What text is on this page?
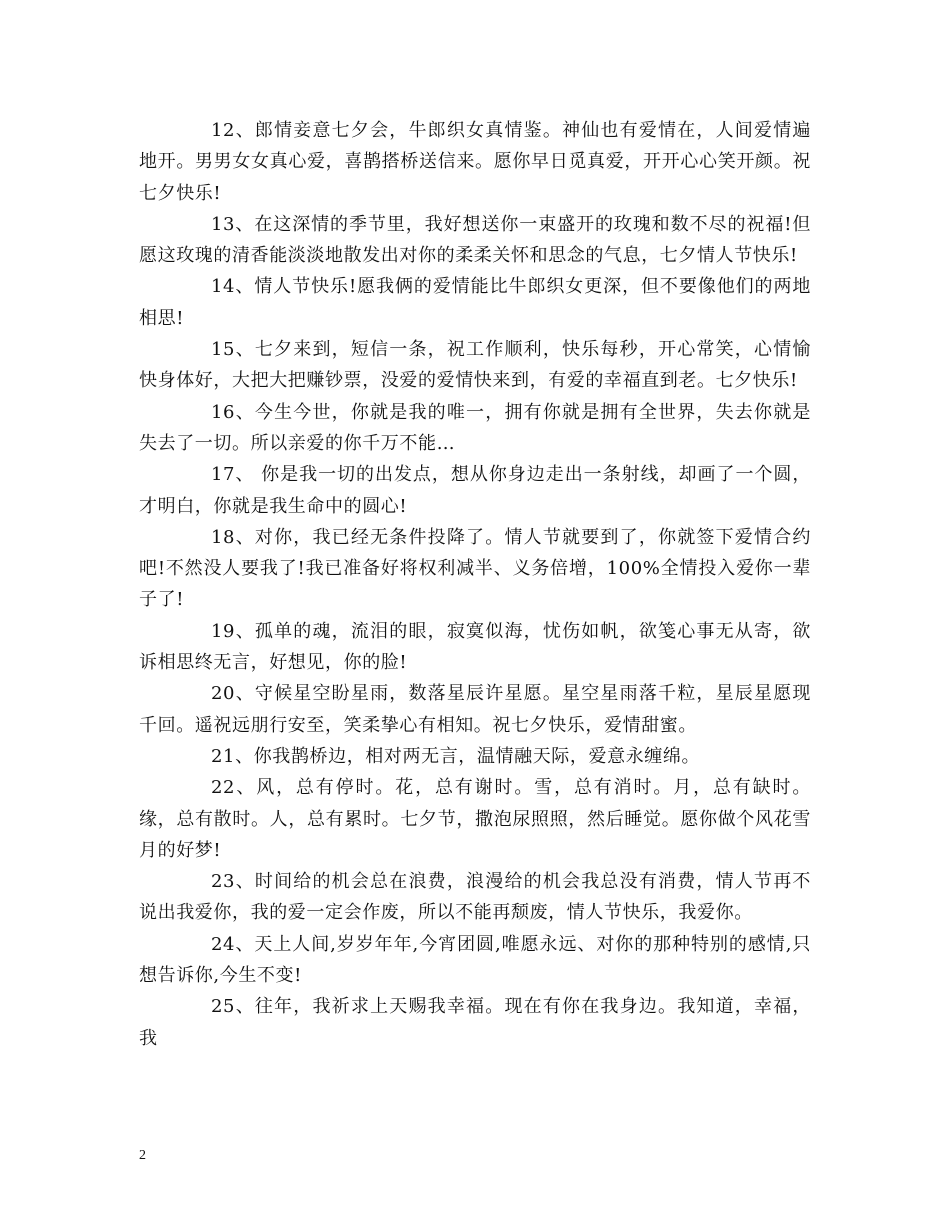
12、郎情妾意七夕会，牛郎织女真情鉴。神仙也有爱情在，人间爱情遍地开。男男女女真心爱，喜鹊搭桥送信来。愿你早日觅真爱，开开心心笑开颜。祝七夕快乐!

13、在这深情的季节里，我好想送你一束盛开的玫瑰和数不尽的祝福!但愿这玫瑰的清香能淡淡地散发出对你的柔柔关怀和思念的气息，七夕情人节快乐!

14、情人节快乐!愿我俩的爱情能比牛郎织女更深，但不要像他们的两地相思!

15、七夕来到，短信一条，祝工作顺利，快乐每秒，开心常笑，心情愉快身体好，大把大把赚钞票，没爱的爱情快来到，有爱的幸福直到老。七夕快乐!

16、今生今世，你就是我的唯一，拥有你就是拥有全世界，失去你就是失去了一切。所以亲爱的你千万不能…

17、 你是我一切的出发点，想从你身边走出一条射线，却画了一个圆，才明白，你就是我生命中的圆心!

18、对你，我已经无条件投降了。情人节就要到了，你就签下爱情合约吧!不然没人要我了!我已准备好将权利减半、义务倍增，100%全情投入爱你一辈子了!

19、孤单的魂，流泪的眼，寂寞似海，忧伤如帆，欲笺心事无从寄，欲诉相思终无言，好想见，你的脸!

20、守候星空盼星雨，数落星辰许星愿。星空星雨落千粒，星辰星愿现千回。遥祝远朋行安至，笑柔挚心有相知。祝七夕快乐，爱情甜蜜。

21、你我鹊桥边，相对两无言，温情融天际，爱意永缠绵。

22、风，总有停时。花，总有谢时。雪，总有消时。月，总有缺时。缘，总有散时。人，总有累时。七夕节，撒泡尿照照，然后睡觉。愿你做个风花雪月的好梦!

23、时间给的机会总在浪费，浪漫给的机会我总没有消费，情人节再不说出我爱你，我的爱一定会作废，所以不能再颓废，情人节快乐，我爱你。

24、天上人间,岁岁年年,今宵团圆,唯愿永远、对你的那种特别的感情,只想告诉你,今生不变!

25、往年，我祈求上天赐我幸福。现在有你在我身边。我知道，幸福，我

2
